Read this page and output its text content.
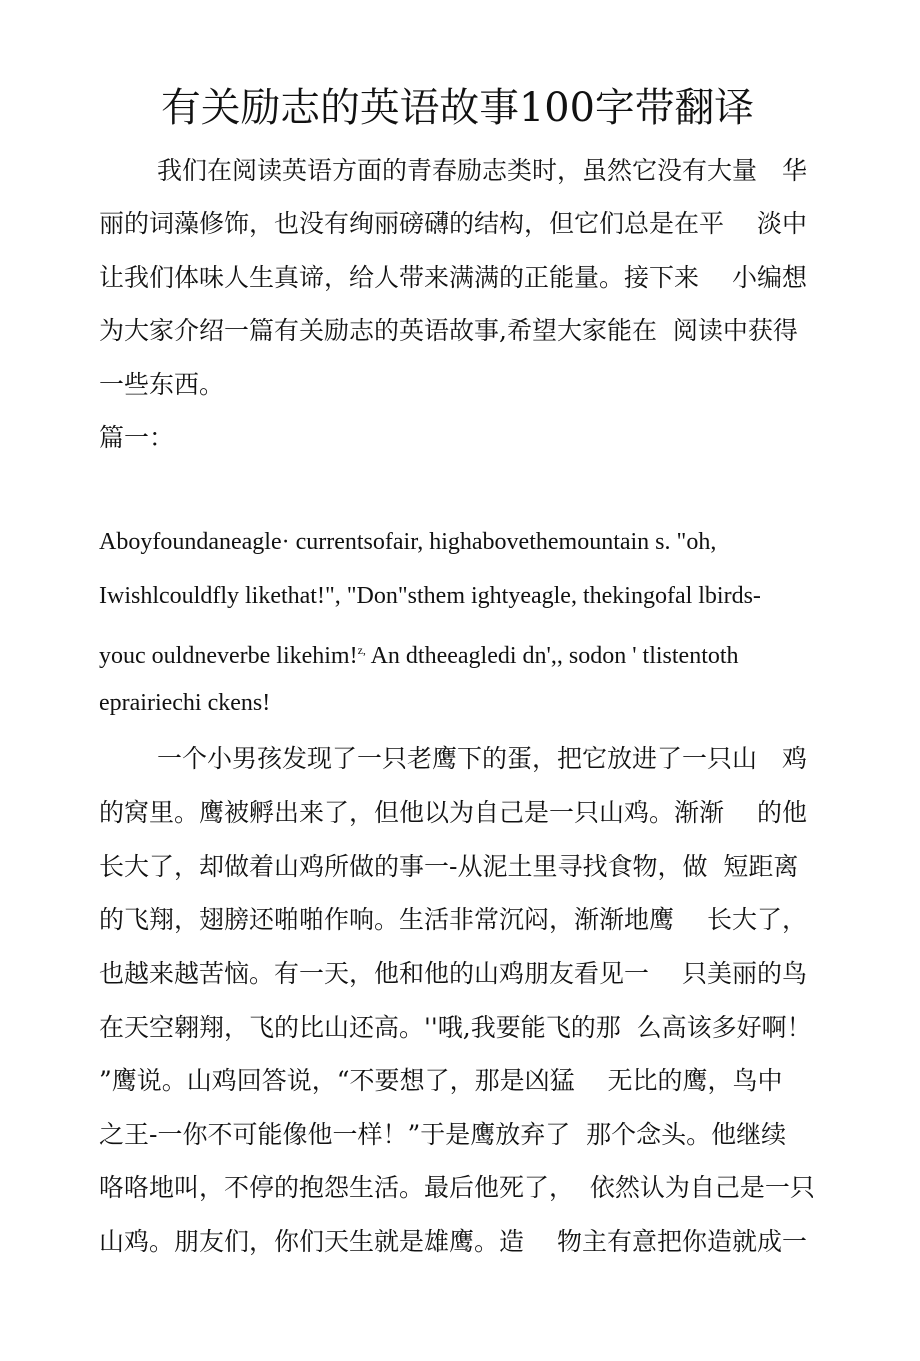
有关励志的英语故事100字带翻译

我们在阅读英语方面的青春励志类时，虽然它没有大量　华

丽的词藻修饰，也没有绚丽磅礴的结构，但它们总是在平　 淡中

让我们体味人生真谛，给人带来满满的正能量。接下来　 小编想

为大家介绍一篇有关励志的英语故事,希望大家能在  阅读中获得

一些东西。

篇一：

Aboyfoundaneagle· currentsofair, highabovethemountain s. "oh,

Iwishlcouldfly likethat!", "Don"sthem ightyeagle, thekingofal lbirds-

youc ouldneverbe likehim!$^{z,}$ An dtheeagledi dn',, sodon ' tlistentoth

eprairiechi ckens!

一个小男孩发现了一只老鹰下的蛋，把它放进了一只山　鸡

的窝里。鹰被孵出来了，但他以为自己是一只山鸡。渐渐　 的他

长大了，却做着山鸡所做的事一-从泥土里寻找食物，做  短距离

的飞翔，翅膀还啪啪作响。生活非常沉闷，渐渐地鹰　 长大了，

也越来越苦恼。有一天，他和他的山鸡朋友看见一　 只美丽的鸟

在天空翱翔，飞的比山还高。''哦,我要能飞的那  么高该多好啊！

”鹰说。山鸡回答说，“不要想了，那是凶猛　 无比的鹰，鸟中

之王-一你不可能像他一样！”于是鹰放弃了  那个念头。他继续

咯咯地叫，不停的抱怨生活。最后他死了，  依然认为自己是一只

山鸡。朋友们，你们天生就是雄鹰。造　 物主有意把你造就成一
